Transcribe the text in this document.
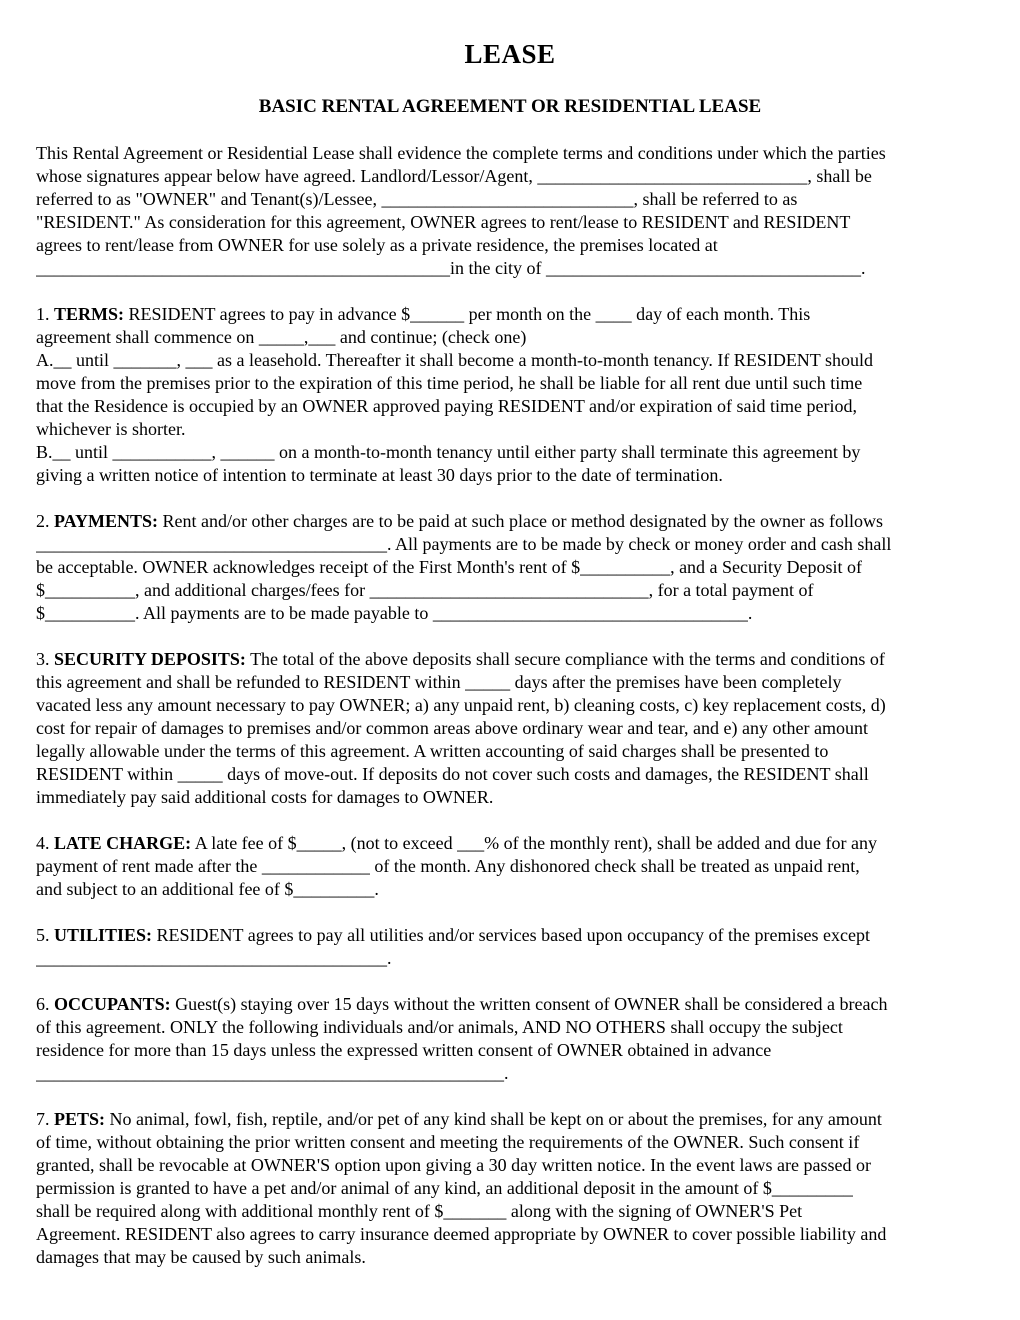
LEASE
BASIC RENTAL AGREEMENT OR RESIDENTIAL LEASE
This Rental Agreement or Residential Lease shall evidence the complete terms and conditions under which the parties
whose signatures appear below have agreed. Landlord/Lessor/Agent, ______________________________, shall be
referred to as "OWNER" and Tenant(s)/Lessee, ____________________________, shall be referred to as
"RESIDENT." As consideration for this agreement, OWNER agrees to rent/lease to RESIDENT and RESIDENT
agrees to rent/lease from OWNER for use solely as a private residence, the premises located at
______________________________________________in the city of ___________________________________.
1. TERMS: RESIDENT agrees to pay in advance $______ per month on the ____ day of each month. This
agreement shall commence on _____,___ and continue; (check one)
A.__ until _______, ___ as a leasehold. Thereafter it shall become a month-to-month tenancy. If RESIDENT should
move from the premises prior to the expiration of this time period, he shall be liable for all rent due until such time
that the Residence is occupied by an OWNER approved paying RESIDENT and/or expiration of said time period,
whichever is shorter.
B.__ until ___________, ______ on a month-to-month tenancy until either party shall terminate this agreement by
giving a written notice of intention to terminate at least 30 days prior to the date of termination.
2. PAYMENTS: Rent and/or other charges are to be paid at such place or method designated by the owner as follows
_______________________________________. All payments are to be made by check or money order and cash shall
be acceptable. OWNER acknowledges receipt of the First Month's rent of $__________, and a Security Deposit of
$__________, and additional charges/fees for _______________________________, for a total payment of
$__________. All payments are to be made payable to ___________________________________.
3. SECURITY DEPOSITS: The total of the above deposits shall secure compliance with the terms and conditions of
this agreement and shall be refunded to RESIDENT within _____ days after the premises have been completely
vacated less any amount necessary to pay OWNER; a) any unpaid rent, b) cleaning costs, c) key replacement costs, d)
cost for repair of damages to premises and/or common areas above ordinary wear and tear, and e) any other amount
legally allowable under the terms of this agreement. A written accounting of said charges shall be presented to
RESIDENT within _____ days of move-out. If deposits do not cover such costs and damages, the RESIDENT shall
immediately pay said additional costs for damages to OWNER.
4. LATE CHARGE: A late fee of $_____, (not to exceed ___% of the monthly rent), shall be added and due for any
payment of rent made after the ____________ of the month. Any dishonored check shall be treated as unpaid rent,
and subject to an additional fee of $_________.
5. UTILITIES: RESIDENT agrees to pay all utilities and/or services based upon occupancy of the premises except
_______________________________________.
6. OCCUPANTS: Guest(s) staying over 15 days without the written consent of OWNER shall be considered a breach
of this agreement. ONLY the following individuals and/or animals, AND NO OTHERS shall occupy the subject
residence for more than 15 days unless the expressed written consent of OWNER obtained in advance
____________________________________________________.
7. PETS: No animal, fowl, fish, reptile, and/or pet of any kind shall be kept on or about the premises, for any amount
of time, without obtaining the prior written consent and meeting the requirements of the OWNER. Such consent if
granted, shall be revocable at OWNER'S option upon giving a 30 day written notice. In the event laws are passed or
permission is granted to have a pet and/or animal of any kind, an additional deposit in the amount of $_________
shall be required along with additional monthly rent of $_______ along with the signing of OWNER'S Pet
Agreement. RESIDENT also agrees to carry insurance deemed appropriate by OWNER to cover possible liability and
damages that may be caused by such animals.
